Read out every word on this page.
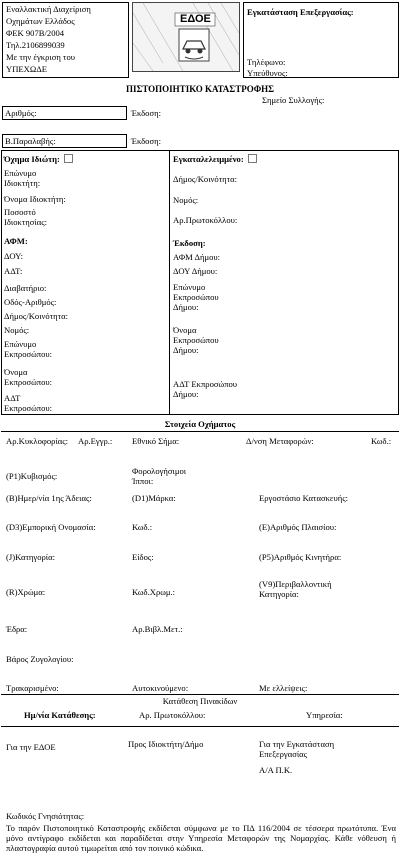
Εναλλακτική Διαχείριση
Οχημάτων Ελλάδος
ΦΕΚ 907Β/2004
Τηλ.2106899039
Με την έγκριση του
ΥΠΕΧΩΔΕ
ΕΔΟΕ
Εγκατάσταση Επεξεργασίας:
Τηλέφωνο:
Υπεύθυνος:
ΠΙΣΤΟΠΟΙΗΤΙΚΟ ΚΑΤΑΣΤΡΟΦΗΣ
Σημείο Συλλογής:
Αριθμός:	Έκδοση:
Β.Παραλαβής:	Έκδοση:
Όχημα Ιδιώτη:
Επώνυμο Ιδιοκτήτη:
Όνομα Ιδιοκτήτη:
Ποσοστό Ιδιοκτησίας:
ΑΦΜ:
ΔΟΥ:
ΑΔΤ:
Διαβατήριο:
Οδός-Αριθμός:
Δήμος/Κοινότητα:
Νομός:
Επώνυμο Εκπροσώπου:
Όνομα Εκπροσώπου:
ΑΔΤ Εκπροσώπου:
Εγκαταλελειμμένο:
Δήμος/Κοινότητα:
Νομός:
Αρ.Πρωτοκόλλου:
Έκδοση:
ΑΦΜ Δήμου:
ΔΟΥ Δήμου:
Επώνυμο Εκπροσώπου Δήμου:
Όνομα Εκπροσώπου Δήμου:
ΑΔΤ Εκπροσώπου Δήμου:
Στοιχεία Οχήματος
Αρ.Κυκλοφορίας: Αρ.Εγγρ.: Εθνικό Σήμα:	Δ/νση Μεταφορών:	Κωδ.:
(P1)Κυβισμός:	Φορολογήσιμοι Ίπποι:
(Β)Ημερ/νία 1ης Άδειας:	(D1)Μάρκα:	Εργοστάσιο Κατασκευής:
(D3)Εμπορική Ονομασία:	Κωδ.:	(Ε)Αριθμός Πλαισίου:
(J)Κατηγορία:	Είδος:	(P5)Αριθμός Κινητήρα:
(R)Χρώμα:	Κωδ.Χρωμ.:
(V9)Περιβαλλοντική Κατηγορία:
Έδρα:	Αρ.Βιβλ.Μετ.:
Βάρος Ζυγολογίου:
Τρακαρισμένο:	Αυτοκινούμενο:	Με ελλείψεις:
Κατάθεση Πινακίδων
Ημ/νία Κατάθεσης:	Αρ. Πρωτοκόλλου:	Υπηρεσία:
Για την ΕΔΟΕ	Προς Ιδιοκτήτη/Δήμο	Για την Εγκατάσταση Επεξεργασίας
Α/Α Π.Κ.
Κωδικός Γνησιότητας:
Το παρόν Πιστοποιητικό Καταστροφής εκδίδεται σύμφωνα με το ΠΔ 116/2004 σε τέσσερα πρωτότυπα. Ένα μόνο αντίγραφο εκδίδεται και παραδίδεται στην Υπηρεσία Μεταφορών της Νομαρχίας. Κάθε νόθευση ή πλαστογραφία αυτού τιμωρείται από τον ποινικό κώδικα.
